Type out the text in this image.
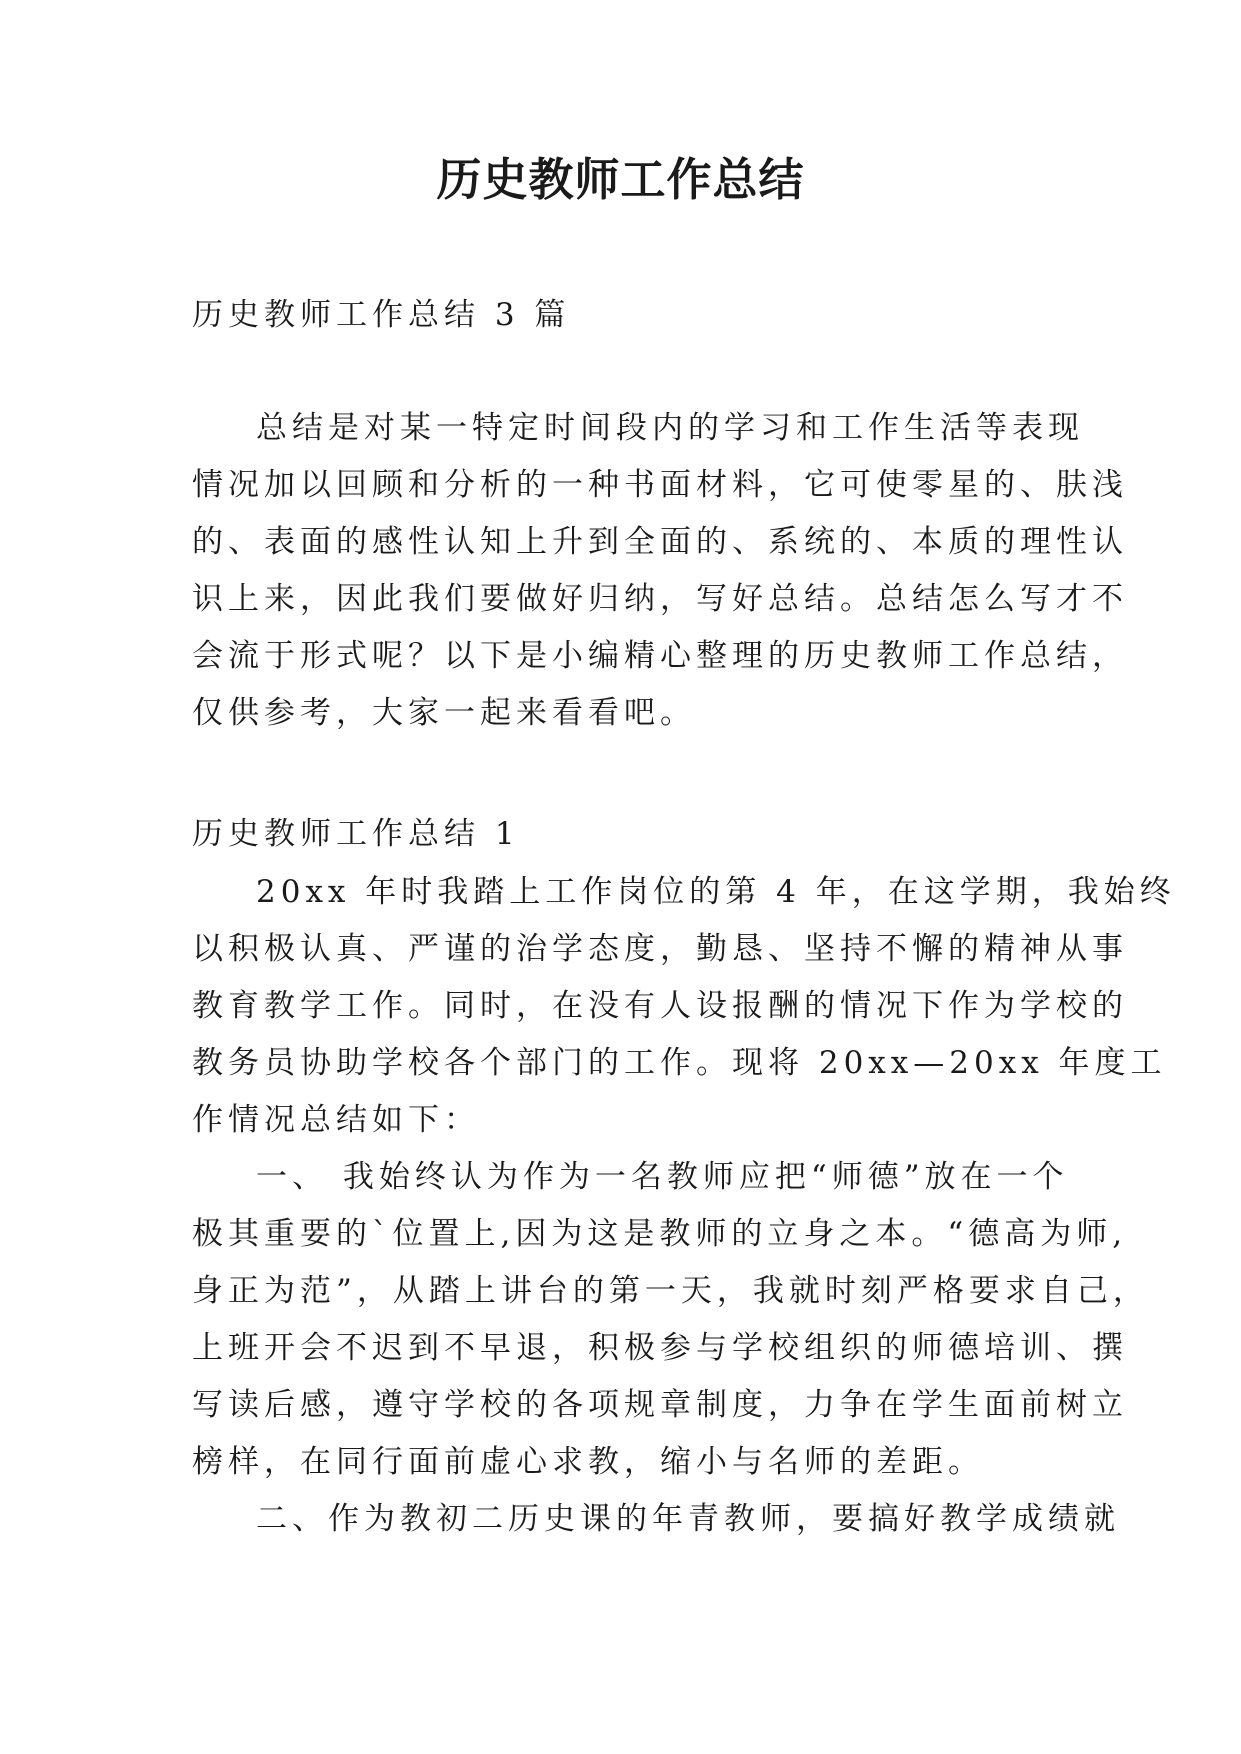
历史教师工作总结
历史教师工作总结 3 篇
总结是对某一特定时间段内的学习和工作生活等表现
情况加以回顾和分析的一种书面材料，它可使零星的、肤浅
的、表面的感性认知上升到全面的、系统的、本质的理性认
识上来，因此我们要做好归纳，写好总结。总结怎么写才不
会流于形式呢？以下是小编精心整理的历史教师工作总结，
仅供参考，大家一起来看看吧。
历史教师工作总结 1
20xx 年时我踏上工作岗位的第 4 年，在这学期，我始终
以积极认真、严谨的治学态度，勤恳、坚持不懈的精神从事
教育教学工作。同时，在没有人设报酬的情况下作为学校的
教务员协助学校各个部门的工作。现将 20xx—20xx 年度工
作情况总结如下：
一、 我始终认为作为一名教师应把“师德”放在一个
极其重要的`位置上,因为这是教师的立身之本。“德高为师,
身正为范”，从踏上讲台的第一天，我就时刻严格要求自己，
上班开会不迟到不早退，积极参与学校组织的师德培训、撰
写读后感，遵守学校的各项规章制度，力争在学生面前树立
榜样，在同行面前虚心求教，缩小与名师的差距。
二、作为教初二历史课的年青教师，要搞好教学成绩就
